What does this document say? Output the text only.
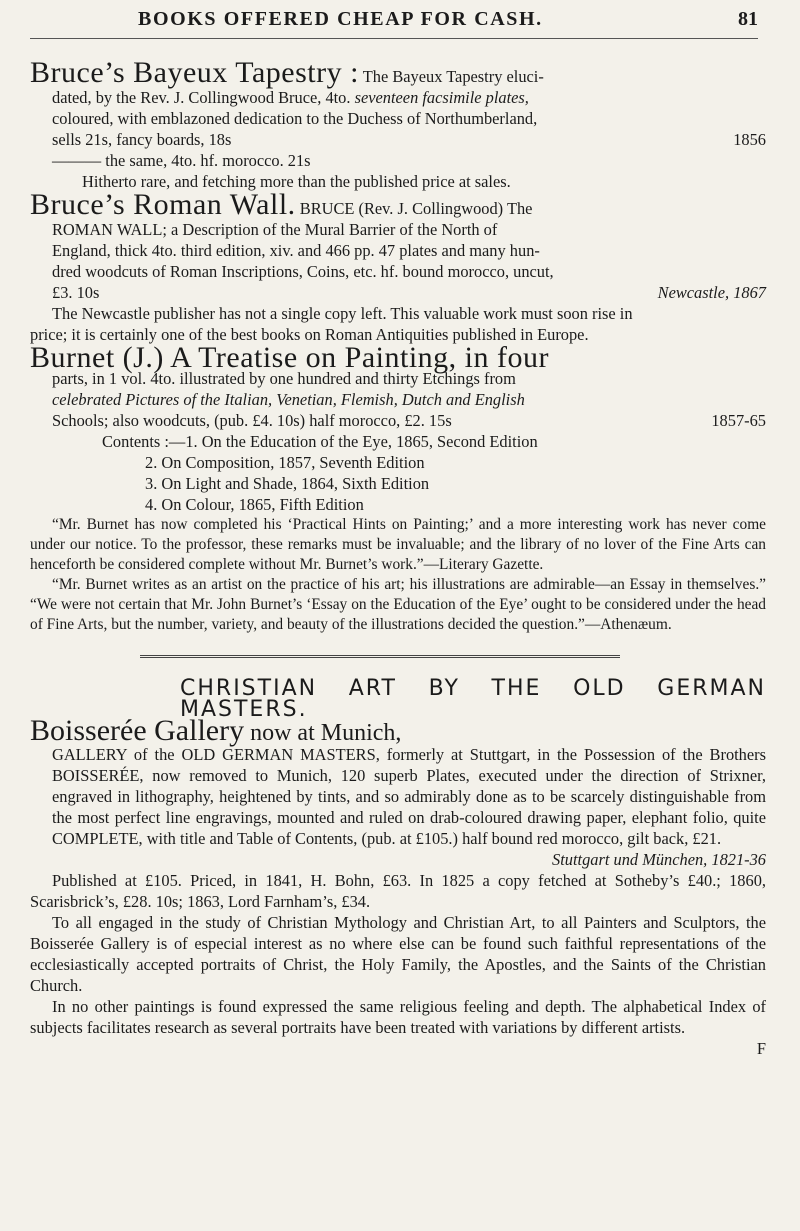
BOOKS OFFERED CHEAP FOR CASH.	81

Bruce’s Bayeux Tapestry : The Bayeux Tapestry eluci-

dated, by the Rev. J. Collingwood Bruce, 4to. seventeen facsimile plates,

coloured, with emblazoned dedication to the Duchess of Northumberland,

sells 21s, fancy boards, 18s	1856

——— the same, 4to. hf. morocco. 21s

Hitherto rare, and fetching more than the published price at sales.

Bruce’s Roman Wall. BRUCE (Rev. J. Collingwood) The

ROMAN WALL; a Description of the Mural Barrier of the North of

England, thick 4to. third edition, xiv. and 466 pp. 47 plates and many hun-

dred woodcuts of Roman Inscriptions, Coins, etc. hf. bound morocco, uncut,

£3. 10s	Newcastle, 1867

The Newcastle publisher has not a single copy left. This valuable work must soon rise in

price; it is certainly one of the best books on Roman Antiquities published in Europe.

Burnet (J.) A Treatise on Painting, in four

parts, in 1 vol. 4to. illustrated by one hundred and thirty Etchings from

celebrated Pictures of the Italian, Venetian, Flemish, Dutch and English

Schools; also woodcuts, (pub. £4. 10s) half morocco, £2. 15s	1857-65

Contents :—1. On the Education of the Eye, 1865, Second Edition

2. On Composition, 1857, Seventh Edition

3. On Light and Shade, 1864, Sixth Edition

4. On Colour, 1865, Fifth Edition

“Mr. Burnet has now completed his ‘Practical Hints on Painting;’ and a more interesting work has never come under our notice. To the professor, these remarks must be invaluable; and the library of no lover of the Fine Arts can henceforth be considered complete without Mr. Burnet’s work.”—Literary Gazette.

“Mr. Burnet writes as an artist on the practice of his art; his illustrations are admirable—an Essay in themselves.” “We were not certain that Mr. John Burnet’s ‘Essay on the Education of the Eye’ ought to be considered under the head of Fine Arts, but the number, variety, and beauty of the illustrations decided the question.”—Athenæum.

CHRISTIAN ART BY THE OLD GERMAN MASTERS.

Boisserée Gallery now at Munich,

GALLERY of the OLD GERMAN MASTERS, formerly at Stuttgart, in the Possession of the Brothers BOISSERÉE, now removed to Munich, 120 superb Plates, executed under the direction of Strixner, engraved in lithography, heightened by tints, and so admirably done as to be scarcely distinguishable from the most perfect line engravings, mounted and ruled on drab-coloured drawing paper, elephant folio, quite COMPLETE, with title and Table of Contents, (pub. at £105.) half bound red morocco, gilt back, £21.

Stuttgart und München, 1821-36

Published at £105. Priced, in 1841, H. Bohn, £63. In 1825 a copy fetched at Sotheby’s £40.; 1860, Scarisbrick’s, £28. 10s; 1863, Lord Farnham’s, £34.

To all engaged in the study of Christian Mythology and Christian Art, to all Painters and Sculptors, the Boisserée Gallery is of especial interest as no where else can be found such faithful representations of the ecclesiastically accepted portraits of Christ, the Holy Family, the Apostles, and the Saints of the Christian Church.

In no other paintings is found expressed the same religious feeling and depth. The alphabetical Index of subjects facilitates research as several portraits have been treated with variations by different artists.

F
